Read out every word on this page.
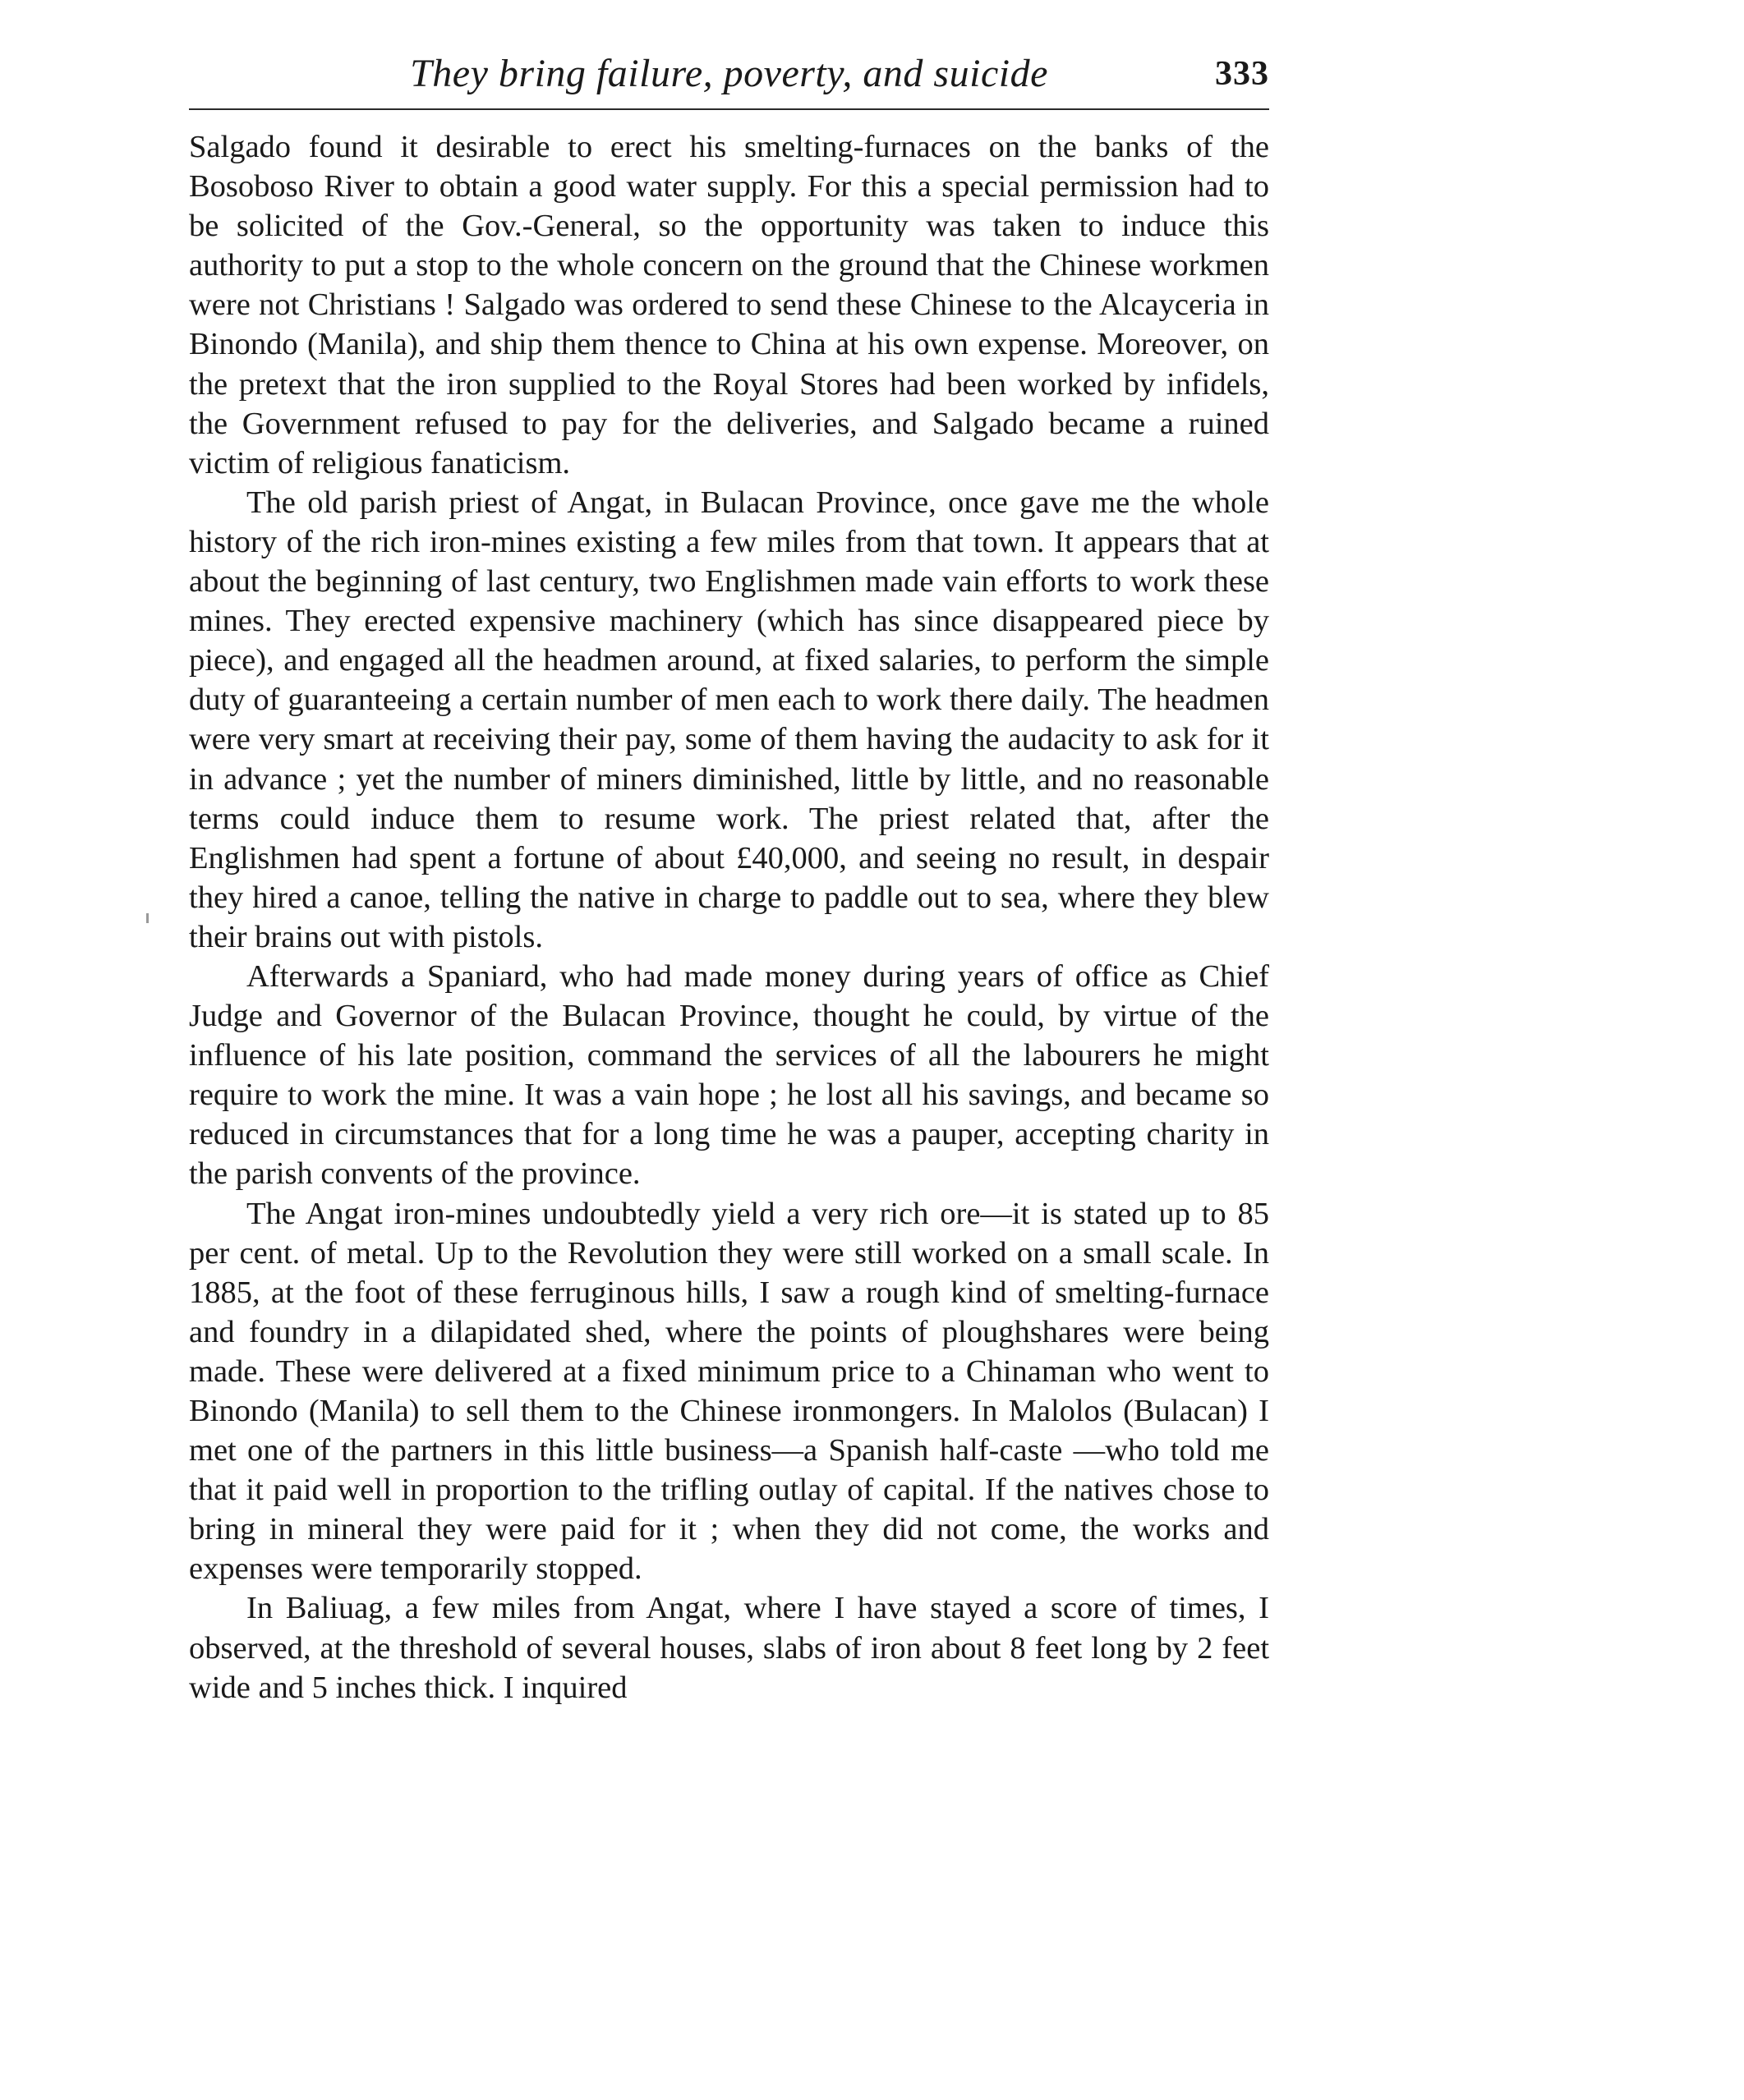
They bring failure, poverty, and suicide	333

Salgado found it desirable to erect his smelting-furnaces on the banks of the Bosoboso River to obtain a good water supply. For this a special permission had to be solicited of the Gov.-General, so the opportunity was taken to induce this authority to put a stop to the whole concern on the ground that the Chinese workmen were not Christians ! Salgado was ordered to send these Chinese to the Alcayceria in Binondo (Manila), and ship them thence to China at his own expense. Moreover, on the pretext that the iron supplied to the Royal Stores had been worked by infidels, the Government refused to pay for the deliveries, and Salgado became a ruined victim of religious fanaticism.

The old parish priest of Angat, in Bulacan Province, once gave me the whole history of the rich iron-mines existing a few miles from that town. It appears that at about the beginning of last century, two Englishmen made vain efforts to work these mines. They erected expensive machinery (which has since disappeared piece by piece), and engaged all the headmen around, at fixed salaries, to perform the simple duty of guaranteeing a certain number of men each to work there daily. The headmen were very smart at receiving their pay, some of them having the audacity to ask for it in advance ; yet the number of miners diminished, little by little, and no reasonable terms could induce them to resume work. The priest related that, after the Englishmen had spent a fortune of about £40,000, and seeing no result, in despair they hired a canoe, telling the native in charge to paddle out to sea, where they blew their brains out with pistols.

Afterwards a Spaniard, who had made money during years of office as Chief Judge and Governor of the Bulacan Province, thought he could, by virtue of the influence of his late position, command the services of all the labourers he might require to work the mine. It was a vain hope ; he lost all his savings, and became so reduced in circumstances that for a long time he was a pauper, accepting charity in the parish convents of the province.

The Angat iron-mines undoubtedly yield a very rich ore—it is stated up to 85 per cent. of metal. Up to the Revolution they were still worked on a small scale. In 1885, at the foot of these ferruginous hills, I saw a rough kind of smelting-furnace and foundry in a dilapidated shed, where the points of ploughshares were being made. These were delivered at a fixed minimum price to a Chinaman who went to Binondo (Manila) to sell them to the Chinese ironmongers. In Malolos (Bulacan) I met one of the partners in this little business—a Spanish half-caste —who told me that it paid well in proportion to the trifling outlay of capital. If the natives chose to bring in mineral they were paid for it ; when they did not come, the works and expenses were temporarily stopped.

In Baliuag, a few miles from Angat, where I have stayed a score of times, I observed, at the threshold of several houses, slabs of iron about 8 feet long by 2 feet wide and 5 inches thick. I inquired
